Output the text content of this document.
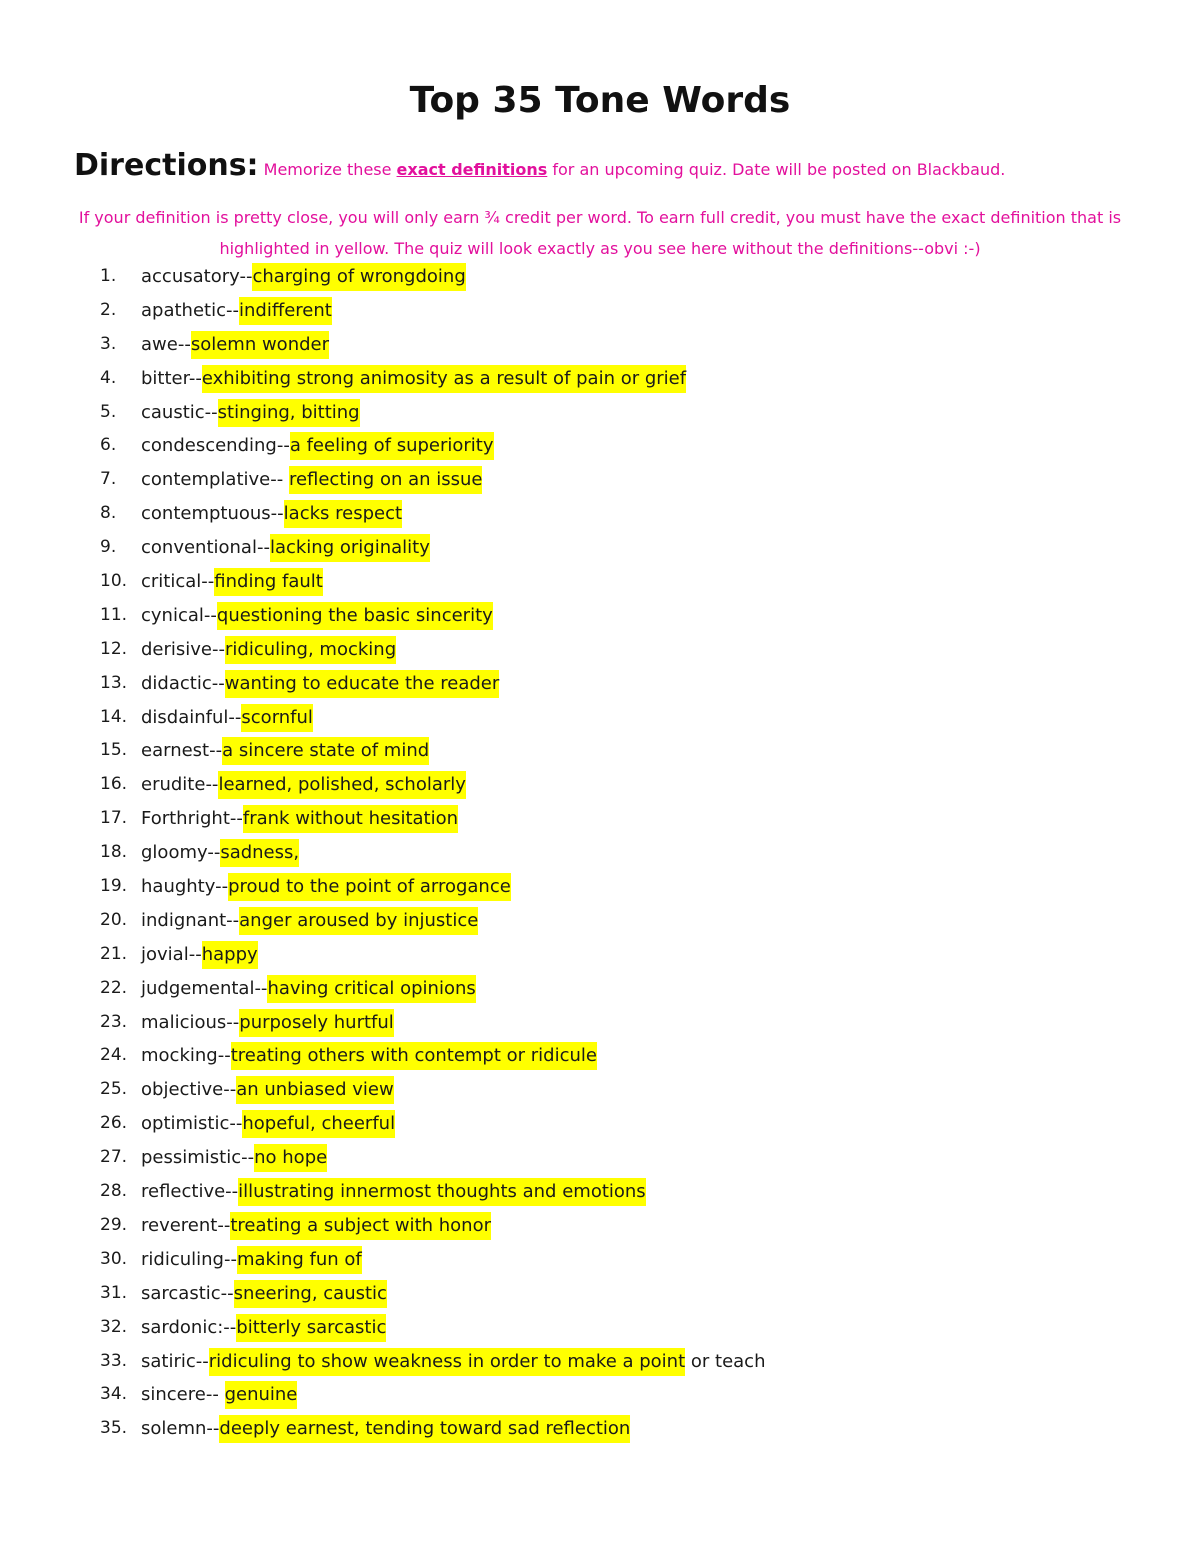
Top 35 Tone Words
Directions: Memorize these exact definitions for an upcoming quiz. Date will be posted on Blackbaud.

If your definition is pretty close, you will only earn ¾ credit per word. To earn full credit, you must have the exact definition that is highlighted in yellow. The quiz will look exactly as you see here without the definitions--obvi :-)

1.	accusatory--charging of wrongdoing
2.	apathetic--indifferent
3.	awe--solemn wonder
4.	bitter--exhibiting strong animosity as a result of pain or grief
5.	caustic--stinging, bitting
6.	condescending--a feeling of superiority
7.	contemplative-- reflecting on an issue
8.	contemptuous--lacks respect
9.	conventional--lacking originality
10. critical--finding fault
11. cynical--questioning the basic sincerity
12. derisive--ridiculing, mocking
13. didactic--wanting to educate the reader
14. disdainful--scornful
15. earnest--a sincere state of mind
16. erudite--learned, polished, scholarly
17. Forthright--frank without hesitation
18. gloomy--sadness,
19. haughty--proud to the point of arrogance
20. indignant--anger aroused by injustice
21. jovial--happy
22. judgemental--having critical opinions
23. malicious--purposely hurtful
24. mocking--treating others with contempt or ridicule
25. objective--an unbiased view
26. optimistic--hopeful, cheerful
27. pessimistic--no hope
28. reflective--illustrating innermost thoughts and emotions
29. reverent--treating a subject with honor
30. ridiculing--making fun of
31. sarcastic--sneering, caustic
32. sardonic:--bitterly sarcastic
33. satiric--ridiculing to show weakness in order to make a point or teach
34. sincere-- genuine
35. solemn--deeply earnest, tending toward sad reflection
